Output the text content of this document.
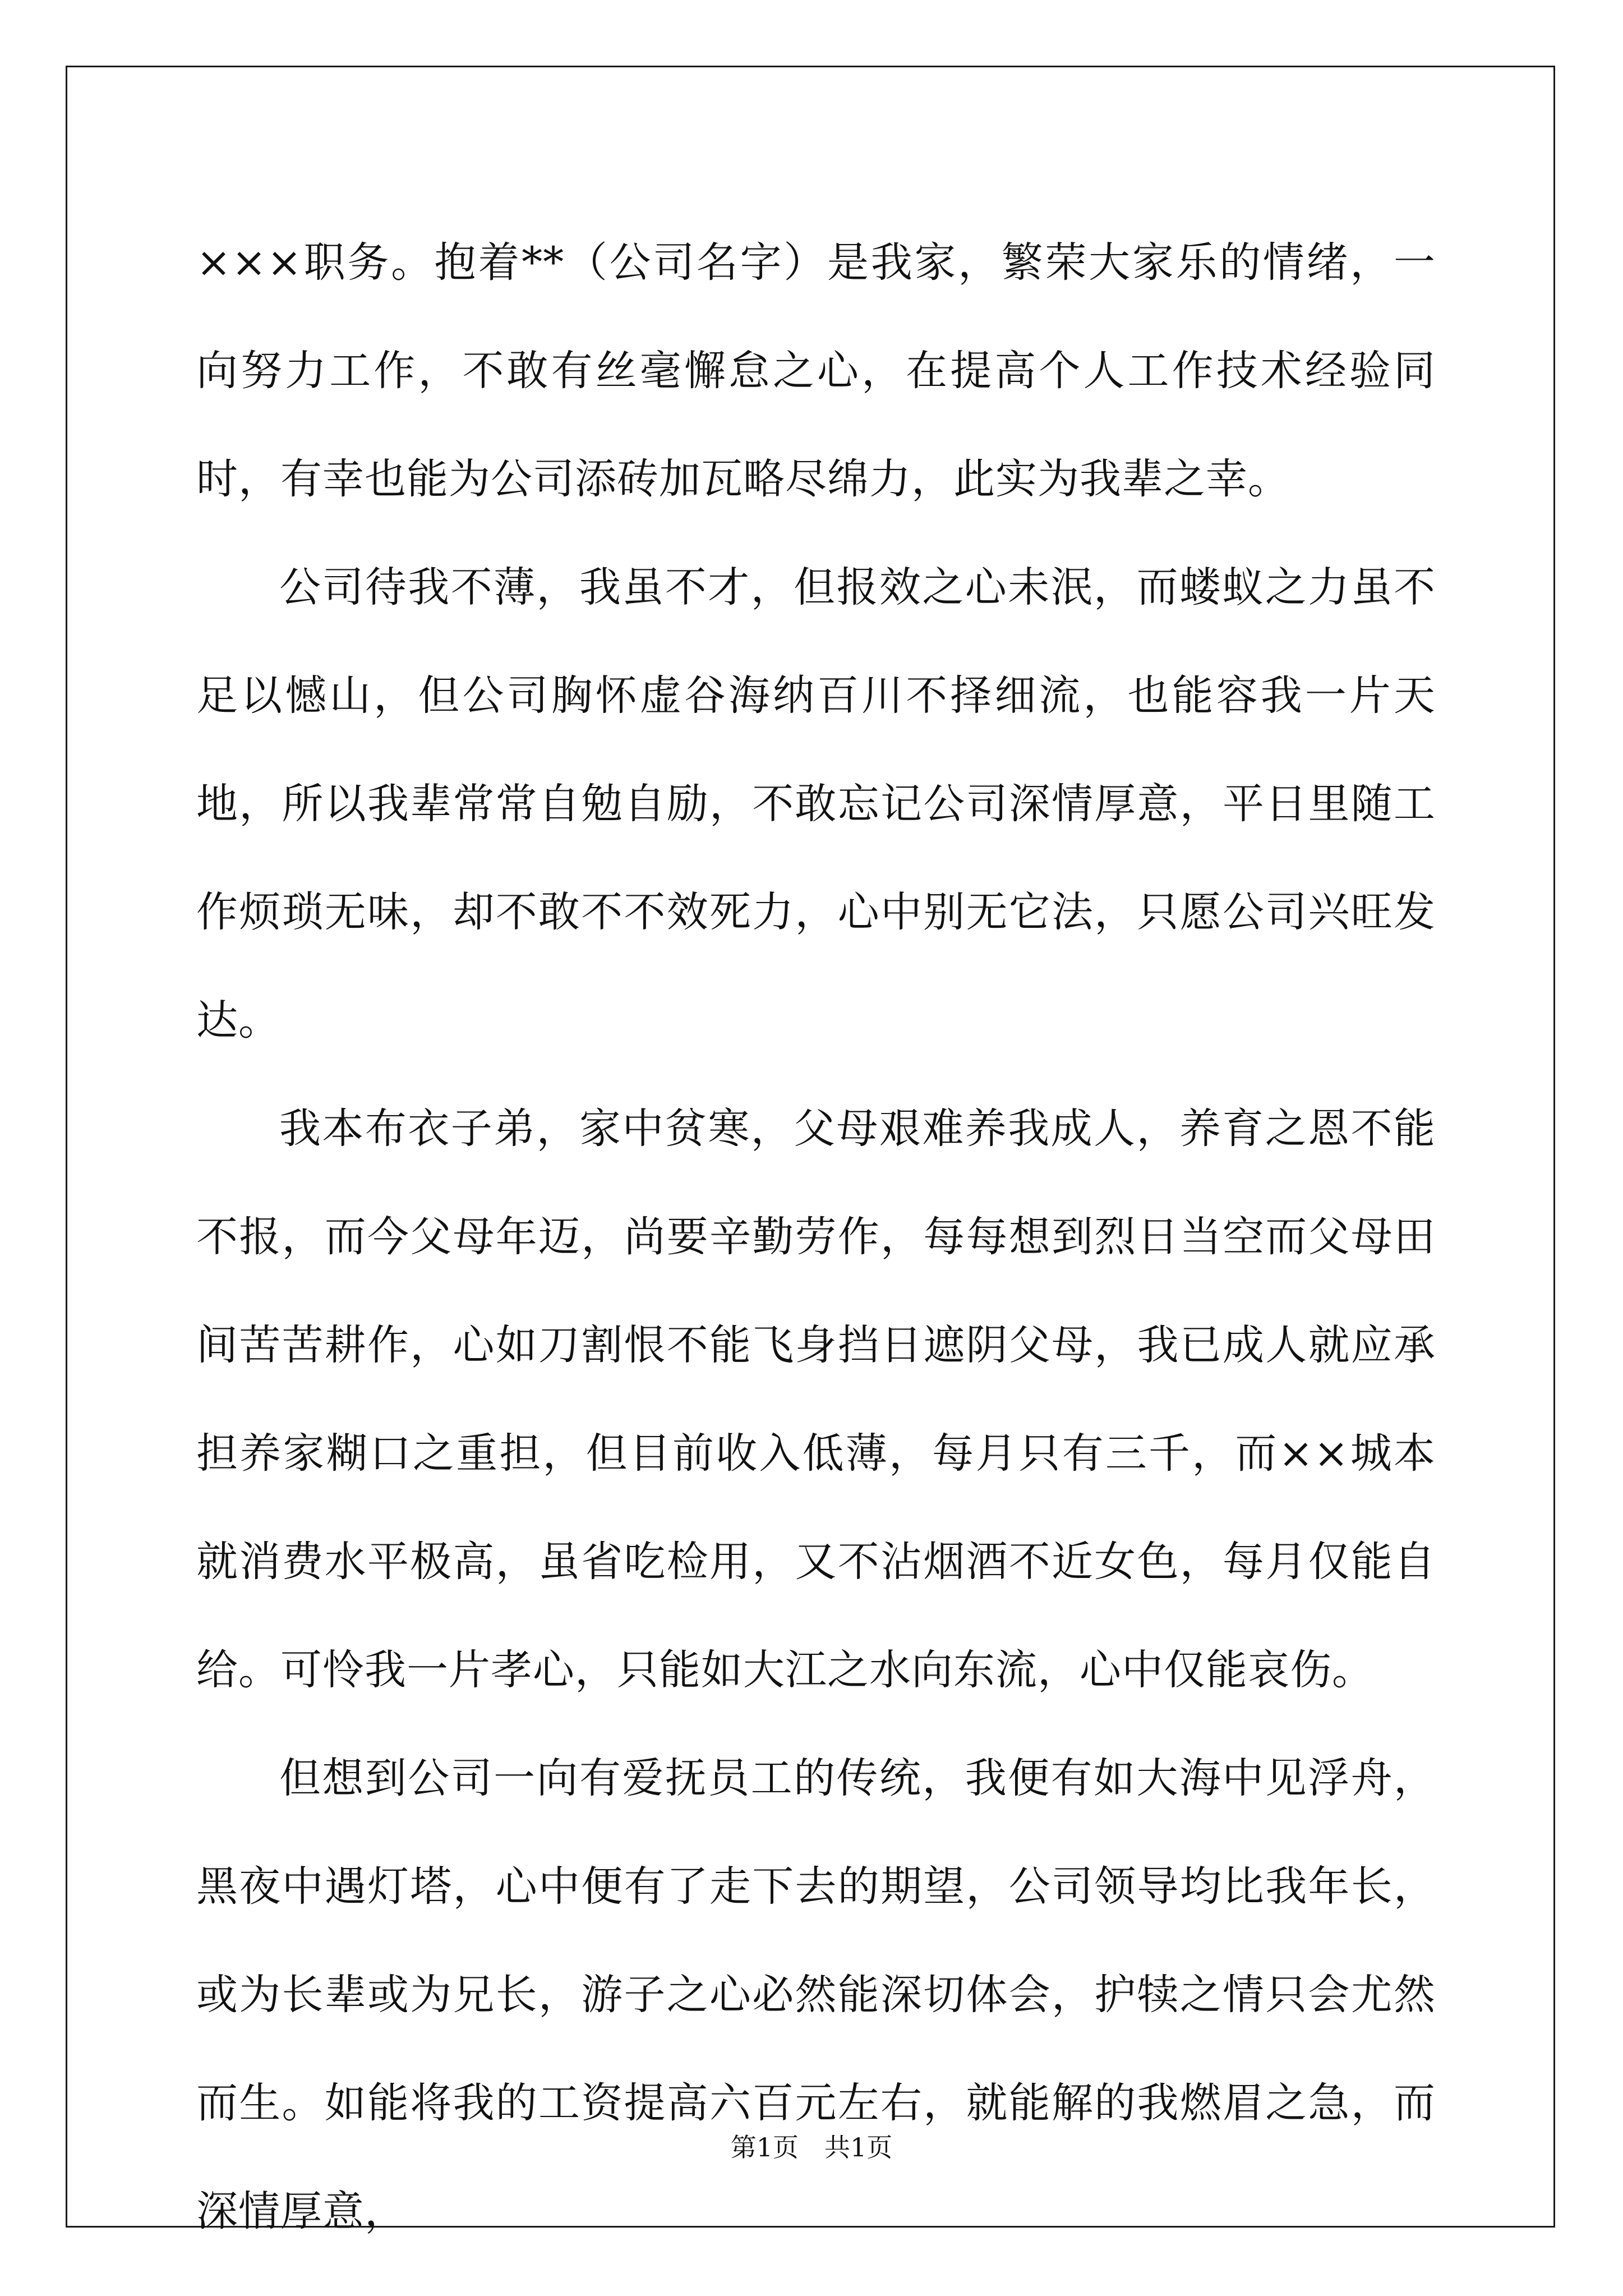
×××职务。抱着**（公司名字）是我家，繁荣大家乐的情绪，一向努力工作，不敢有丝毫懈怠之心，在提高个人工作技术经验同时，有幸也能为公司添砖加瓦略尽绵力，此实为我辈之幸。

公司待我不薄，我虽不才，但报效之心未泯，而蝼蚁之力虽不足以憾山，但公司胸怀虚谷海纳百川不择细流，也能容我一片天地，所以我辈常常自勉自励，不敢忘记公司深情厚意，平日里随工作烦琐无味，却不敢不不效死力，心中别无它法，只愿公司兴旺发达。

我本布衣子弟，家中贫寒，父母艰难养我成人，养育之恩不能不报，而今父母年迈，尚要辛勤劳作，每每想到烈日当空而父母田间苦苦耕作，心如刀割恨不能飞身挡日遮阴父母，我已成人就应承担养家糊口之重担，但目前收入低薄，每月只有三千，而××城本就消费水平极高，虽省吃检用，又不沾烟酒不近女色，每月仅能自给。可怜我一片孝心，只能如大江之水向东流，心中仅能哀伤。

但想到公司一向有爱抚员工的传统，我便有如大海中见浮舟，黑夜中遇灯塔，心中便有了走下去的期望，公司领导均比我年长，或为长辈或为兄长，游子之心必然能深切体会，护犊之情只会尤然而生。如能将我的工资提高六百元左右，就能解的我燃眉之急，而深情厚意，

第1页　共1页
